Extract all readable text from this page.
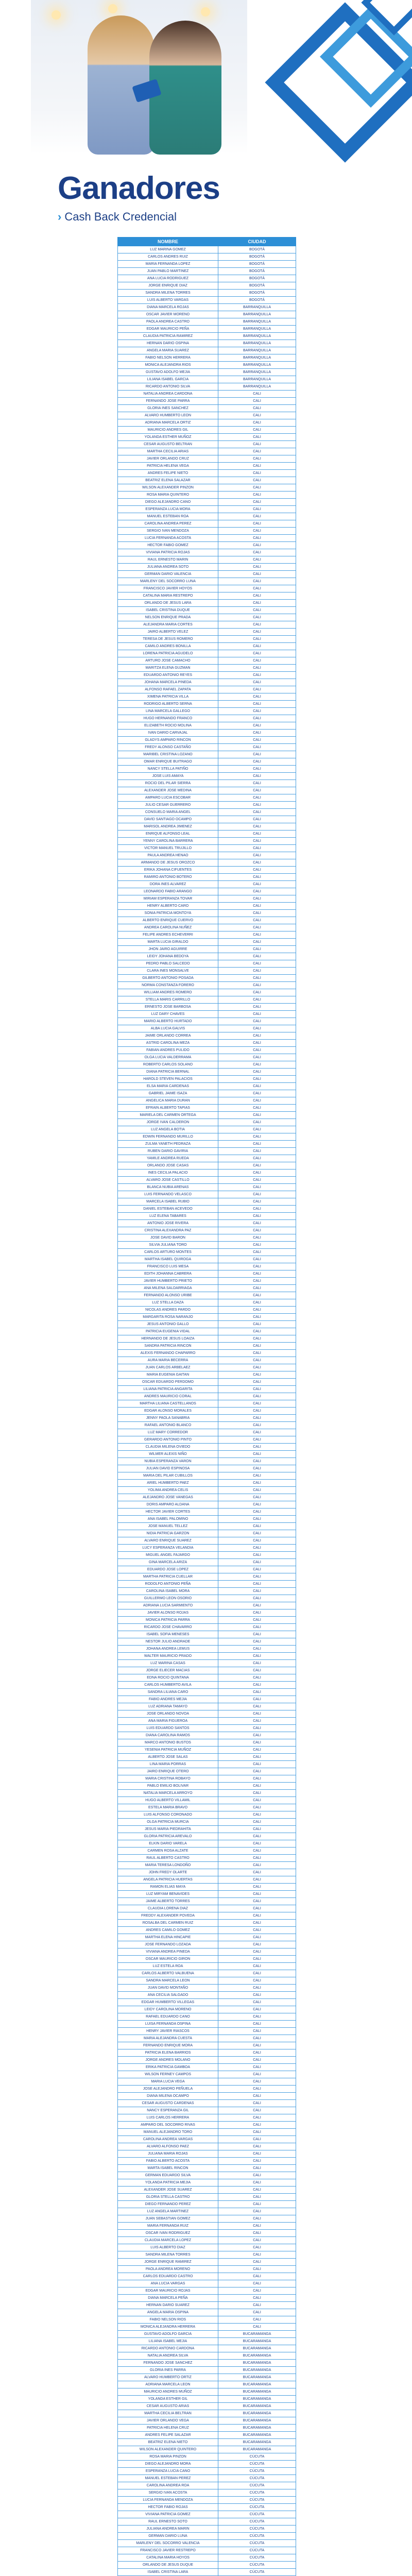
Ganadores
› Cash Back Credencial
NOMBRE	CIUDAD
LUZ MARINA GOMEZ	BOGOTÁ
CARLOS ANDRES RUIZ	BOGOTÁ
MARIA FERNANDA LOPEZ	BOGOTÁ
JUAN PABLO MARTINEZ	BOGOTÁ
ANA LUCIA RODRIGUEZ	BOGOTÁ
JORGE ENRIQUE DIAZ	BOGOTÁ
SANDRA MILENA TORRES	BOGOTÁ
LUIS ALBERTO VARGAS	BOGOTÁ
DIANA MARCELA ROJAS	BARRANQUILLA
OSCAR JAVIER MORENO	BARRANQUILLA
PAOLA ANDREA CASTRO	BARRANQUILLA
EDGAR MAURICIO PEÑA	BARRANQUILLA
CLAUDIA PATRICIA RAMIREZ	BARRANQUILLA
HERNAN DARIO OSPINA	BARRANQUILLA
ANGELA MARIA SUAREZ	BARRANQUILLA
FABIO NELSON HERRERA	BARRANQUILLA
MONICA ALEJANDRA RIOS	BARRANQUILLA
GUSTAVO ADOLFO MEJIA	BARRANQUILLA
LILIANA ISABEL GARCIA	BARRANQUILLA
RICARDO ANTONIO SILVA	BARRANQUILLA
NATALIA ANDREA CARDONA	CALI
FERNANDO JOSE PARRA	CALI
GLORIA INES SANCHEZ	CALI
ALVARO HUMBERTO LEON	CALI
ADRIANA MARCELA ORTIZ	CALI
MAURICIO ANDRES GIL	CALI
YOLANDA ESTHER MUÑOZ	CALI
CESAR AUGUSTO BELTRAN	CALI
MARTHA CECILIA ARIAS	CALI
JAVIER ORLANDO CRUZ	CALI
PATRICIA HELENA VEGA	CALI
ANDRES FELIPE NIETO	CALI
BEATRIZ ELENA SALAZAR	CALI
WILSON ALEXANDER PINZON	CALI
ROSA MARIA QUINTERO	CALI
DIEGO ALEJANDRO CANO	CALI
ESPERANZA LUCIA MORA	CALI
MANUEL ESTEBAN ROA	CALI
CAROLINA ANDREA PEREZ	CALI
SERGIO IVAN MENDOZA	CALI
LUCIA FERNANDA ACOSTA	CALI
HECTOR FABIO GOMEZ	CALI
VIVIANA PATRICIA ROJAS	CALI
RAUL ERNESTO MARIN	CALI
JULIANA ANDREA SOTO	CALI
GERMAN DARIO VALENCIA	CALI
MARLENY DEL SOCORRO LUNA	CALI
FRANCISCO JAVIER HOYOS	CALI
CATALINA MARIA RESTREPO	CALI
ORLANDO DE JESUS LARA	CALI
ISABEL CRISTINA DUQUE	CALI
NELSON ENRIQUE PRADA	CALI
ALEJANDRA MARIA CORTES	CALI
JAIRO ALBERTO VELEZ	CALI
TERESA DE JESUS ROMERO	CALI
CAMILO ANDRES BONILLA	CALI
LORENA PATRICIA AGUDELO	CALI
ARTURO JOSE CAMACHO	CALI
MARITZA ELENA GUZMAN	CALI
EDUARDO ANTONIO REYES	CALI
JOHANA MARCELA PINEDA	CALI
ALFONSO RAFAEL ZAPATA	CALI
XIMENA PATRICIA VILLA	CALI
RODRIGO ALBERTO SERNA	CALI
LINA MARCELA GALLEGO	CALI
HUGO HERNANDO FRANCO	CALI
ELIZABETH ROCIO MOLINA	CALI
IVAN DARIO CARVAJAL	CALI
GLADYS AMPARO RINCON	CALI
FREDY ALONSO CASTAÑO	CALI
MARIBEL CRISTINA LOZANO	CALI
OMAR ENRIQUE BUITRAGO	CALI
NANCY STELLA PATIÑO	CALI
JOSE LUIS AMAYA	CALI
ROCIO DEL PILAR SIERRA	CALI
ALEXANDER JOSE MEDINA	CALI
AMPARO LUCIA ESCOBAR	CALI
JULIO CESAR GUERRERO	CALI
CONSUELO MARIA ANGEL	CALI
DAVID SANTIAGO OCAMPO	CALI
MARISOL ANDREA JIMENEZ	CALI
ENRIQUE ALFONSO LEAL	CALI
YENNY CAROLINA BARRERA	CALI
VICTOR MANUEL TRUJILLO	CALI
PAULA ANDREA HENAO	CALI
ARMANDO DE JESUS OROZCO	CALI
ERIKA JOHANA CIFUENTES	CALI
RAMIRO ANTONIO BOTERO	CALI
DORA INES ALVAREZ	CALI
LEONARDO FABIO ARANGO	CALI
MIRIAM ESPERANZA TOVAR	CALI
HENRY ALBERTO CARO	CALI
SONIA PATRICIA MONTOYA	CALI
ALBERTO ENRIQUE CUERVO	CALI
ANDREA CAROLINA NUÑEZ	CALI
FELIPE ANDRES ECHEVERRI	CALI
MARTA LUCIA GIRALDO	CALI
JHON JAIRO AGUIRRE	CALI
LEIDY JOHANA BEDOYA	CALI
PEDRO PABLO SALCEDO	CALI
CLARA INES MONSALVE	CALI
GILBERTO ANTONIO POSADA	CALI
NORMA CONSTANZA FORERO	CALI
WILLIAM ANDRES ROMERO	CALI
STELLA MARIS CARRILLO	CALI
ERNESTO JOSE BARBOSA	CALI
LUZ DARY CHAVES	CALI
MARIO ALBERTO HURTADO	CALI
ALBA LUCIA GALVIS	CALI
JAIME ORLANDO CORREA	CALI
ASTRID CAROLINA MEZA	CALI
FABIAN ANDRES PULIDO	CALI
OLGA LUCIA VALDERRAMA	CALI
ROBERTO CARLOS SOLANO	CALI
DIANA PATRICIA BERNAL	CALI
HAROLD STEVEN PALACIOS	CALI
ELSA MARIA CARDENAS	CALI
GABRIEL JAIME ISAZA	CALI
ANGELICA MARIA DURAN	CALI
EFRAIN ALBERTO TAPIAS	CALI
MARIELA DEL CARMEN ORTEGA	CALI
JORGE IVAN CALDERON	CALI
LUZ ANGELA BOTIA	CALI
EDWIN FERNANDO MURILLO	CALI
ZULMA YANETH PEDRAZA	CALI
RUBEN DARIO GAVIRIA	CALI
YAMILE ANDREA RUEDA	CALI
ORLANDO JOSE CASAS	CALI
INES CECILIA PALACIO	CALI
ALVARO JOSE CASTILLO	CALI
BLANCA NUBIA ARENAS	CALI
LUIS FERNANDO VELASCO	CALI
MARCELA ISABEL RUBIO	CALI
DANIEL ESTEBAN ACEVEDO	CALI
LUZ ELENA TABARES	CALI
ANTONIO JOSE RIVERA	CALI
CRISTINA ALEXANDRA PAZ	CALI
JOSE DAVID BARON	CALI
SILVIA JULIANA TORO	CALI
CARLOS ARTURO MONTES	CALI
MARTHA ISABEL QUIROGA	CALI
FRANCISCO LUIS MESA	CALI
EDITH JOHANNA CABRERA	CALI
JAVIER HUMBERTO PRIETO	CALI
ANA MILENA SALDARRIAGA	CALI
FERNANDO ALONSO URIBE	CALI
LUZ STELLA DAZA	CALI
NICOLAS ANDRES PARDO	CALI
MARGARITA ROSA NARANJO	CALI
JESUS ANTONIO GALLO	CALI
PATRICIA EUGENIA VIDAL	CALI
HERNANDO DE JESUS LOAIZA	CALI
SANDRA PATRICIA RINCON	CALI
ALEXIS FERNANDO CHAPARRO	CALI
AURA MARIA BECERRA	CALI
JUAN CARLOS ARBELAEZ	CALI
MARIA EUGENIA GAITAN	CALI
OSCAR EDUARDO PERDOMO	CALI
LILIANA PATRICIA ANGARITA	CALI
ANDRES MAURICIO CORAL	CALI
MARTHA LILIANA CASTELLANOS	CALI
EDGAR ALONSO MORALES	CALI
JENNY PAOLA SANABRIA	CALI
RAFAEL ANTONIO BLANCO	CALI
LUZ MARY CORREDOR	CALI
GERARDO ANTONIO PINTO	CALI
CLAUDIA MILENA OVIEDO	CALI
WILMER ALEXIS NIÑO	CALI
NUBIA ESPERANZA VARON	CALI
JULIAN DAVID ESPINOSA	CALI
MARIA DEL PILAR CUBILLOS	CALI
ARIEL HUMBERTO PAEZ	CALI
YOLIMA ANDREA CELIS	CALI
ALEJANDRO JOSE VANEGAS	CALI
DORIS AMPARO ALDANA	CALI
HECTOR JAVIER CORTES	CALI
ANA ISABEL PALOMINO	CALI
JOSE MANUEL TELLEZ	CALI
NIDIA PATRICIA GARZON	CALI
ALVARO ENRIQUE SUAREZ	CALI
LUCY ESPERANZA VELANDIA	CALI
MIGUEL ANGEL FAJARDO	CALI
GINA MARCELA ARIZA	CALI
EDUARDO JOSE LOPEZ	CALI
MARTHA PATRICIA CUELLAR	CALI
RODOLFO ANTONIO PEÑA	CALI
CAROLINA ISABEL MORA	CALI
GUILLERMO LEON OSORIO	CALI
ADRIANA LUCIA SARMIENTO	CALI
JAVIER ALONSO ROJAS	CALI
MONICA PATRICIA PARRA	CALI
RICARDO JOSE CHAVARRO	CALI
ISABEL SOFIA MENESES	CALI
NESTOR JULIO ANDRADE	CALI
JOHANA ANDREA LEMUS	CALI
WALTER MAURICIO PRADO	CALI
LUZ MARINA CASAS	CALI
JORGE ELIECER MACIAS	CALI
EDNA ROCIO QUINTANA	CALI
CARLOS HUMBERTO AVILA	CALI
SANDRA LILIANA CARO	CALI
FABIO ANDRES MEJIA	CALI
LUZ ADRIANA TAMAYO	CALI
JOSE ORLANDO NOVOA	CALI
ANA MARIA FIGUEROA	CALI
LUIS EDUARDO SANTOS	CALI
DIANA CAROLINA RAMOS	CALI
MARCO ANTONIO BUSTOS	CALI
YESENIA PATRICIA MUÑOZ	CALI
ALBERTO JOSE SALAS	CALI
LINA MARIA PORRAS	CALI
JAIRO ENRIQUE OTERO	CALI
MARIA CRISTINA ROBAYO	CALI
PABLO EMILIO BOLIVAR	CALI
NATALIA MARCELA ARROYO	CALI
HUGO ALBERTO VILLAMIL	CALI
ESTELA MARIA BRAVO	CALI
LUIS ALFONSO CORONADO	CALI
OLGA PATRICIA MURCIA	CALI
JESUS MARIA PIEDRAHITA	CALI
GLORIA PATRICIA AREVALO	CALI
ELKIN DARIO VARELA	CALI
CARMEN ROSA ALZATE	CALI
RAUL ALBERTO CASTRO	CALI
MARIA TERESA LONDOÑO	CALI
JOHN FREDY OLARTE	CALI
ANGELA PATRICIA HUERTAS	CALI
RAMON ELIAS MAYA	CALI
LUZ MIRYAM BENAVIDES	CALI
JAIME ALBERTO TORRES	CALI
CLAUDIA LORENA DIAZ	CALI
FREDDY ALEXANDER POVEDA	CALI
ROSALBA DEL CARMEN RUIZ	CALI
ANDRES CAMILO GOMEZ	CALI
MARTHA ELENA HINCAPIE	CALI
JOSE FERNANDO LOZADA	CALI
VIVIANA ANDREA PINEDA	CALI
OSCAR MAURICIO GIRON	CALI
LUZ ESTELA ROA	CALI
CARLOS ALBERTO VALBUENA	CALI
SANDRA MARCELA LEON	CALI
JUAN DAVID MONTAÑO	CALI
ANA CECILIA SALGADO	CALI
EDGAR HUMBERTO VILLEGAS	CALI
LEIDY CAROLINA MORENO	CALI
RAFAEL EDUARDO CANO	CALI
LUISA FERNANDA OSPINA	CALI
HENRY JAVIER RIASCOS	CALI
MARIA ALEJANDRA CUESTA	CALI
FERNANDO ENRIQUE MORA	CALI
PATRICIA ELENA BARRIOS	CALI
JORGE ANDRES MOLANO	CALI
ERIKA PATRICIA GAMBOA	CALI
WILSON FERNEY CAMPOS	CALI
MARIA LUCIA VEGA	CALI
JOSE ALEJANDRO PEÑUELA	CALI
DIANA MILENA OCAMPO	CALI
CESAR AUGUSTO CARDENAS	CALI
NANCY ESPERANZA GIL	CALI
LUIS CARLOS HERRERA	CALI
AMPARO DEL SOCORRO RIVAS	CALI
MANUEL ALEJANDRO TORO	CALI
CAROLINA ANDREA VARGAS	CALI
ALVARO ALFONSO PAEZ	CALI
JULIANA MARIA ROJAS	CALI
FABIO ALBERTO ACOSTA	CALI
MARTA ISABEL RINCON	CALI
GERMAN EDUARDO SILVA	CALI
YOLANDA PATRICIA MEJIA	CALI
ALEXANDER JOSE SUAREZ	CALI
GLORIA STELLA CASTRO	CALI
DIEGO FERNANDO PEREZ	CALI
LUZ ANGELA MARTINEZ	CALI
JUAN SEBASTIAN GOMEZ	CALI
MARIA FERNANDA RUIZ	CALI
OSCAR IVAN RODRIGUEZ	CALI
CLAUDIA MARCELA LOPEZ	CALI
LUIS ALBERTO DIAZ	CALI
SANDRA MILENA TORRES	CALI
JORGE ENRIQUE RAMIREZ	CALI
PAOLA ANDREA MORENO	CALI
CARLOS EDUARDO CASTRO	CALI
ANA LUCIA VARGAS	CALI
EDGAR MAURICIO ROJAS	CALI
DIANA MARCELA PEÑA	CALI
HERNAN DARIO SUAREZ	CALI
ANGELA MARIA OSPINA	CALI
FABIO NELSON RIOS	CALI
MONICA ALEJANDRA HERRERA	CALI
GUSTAVO ADOLFO GARCIA	BUCARAMANGA
LILIANA ISABEL MEJIA	BUCARAMANGA
RICARDO ANTONIO CARDONA	BUCARAMANGA
NATALIA ANDREA SILVA	BUCARAMANGA
FERNANDO JOSE SANCHEZ	BUCARAMANGA
GLORIA INES PARRA	BUCARAMANGA
ALVARO HUMBERTO ORTIZ	BUCARAMANGA
ADRIANA MARCELA LEON	BUCARAMANGA
MAURICIO ANDRES MUÑOZ	BUCARAMANGA
YOLANDA ESTHER GIL	BUCARAMANGA
CESAR AUGUSTO ARIAS	BUCARAMANGA
MARTHA CECILIA BELTRAN	BUCARAMANGA
JAVIER ORLANDO VEGA	BUCARAMANGA
PATRICIA HELENA CRUZ	BUCARAMANGA
ANDRES FELIPE SALAZAR	BUCARAMANGA
BEATRIZ ELENA NIETO	BUCARAMANGA
WILSON ALEXANDER QUINTERO	BUCARAMANGA
ROSA MARIA PINZON	CÚCUTA
DIEGO ALEJANDRO MORA	CÚCUTA
ESPERANZA LUCIA CANO	CÚCUTA
MANUEL ESTEBAN PEREZ	CÚCUTA
CAROLINA ANDREA ROA	CÚCUTA
SERGIO IVAN ACOSTA	CÚCUTA
LUCIA FERNANDA MENDOZA	CÚCUTA
HECTOR FABIO ROJAS	CÚCUTA
VIVIANA PATRICIA GOMEZ	CÚCUTA
RAUL ERNESTO SOTO	CÚCUTA
JULIANA ANDREA MARIN	CÚCUTA
GERMAN DARIO LUNA	CÚCUTA
MARLENY DEL SOCORRO VALENCIA	CÚCUTA
FRANCISCO JAVIER RESTREPO	CÚCUTA
CATALINA MARIA HOYOS	CÚCUTA
ORLANDO DE JESUS DUQUE	CÚCUTA
ISABEL CRISTINA LARA	CÚCUTA
